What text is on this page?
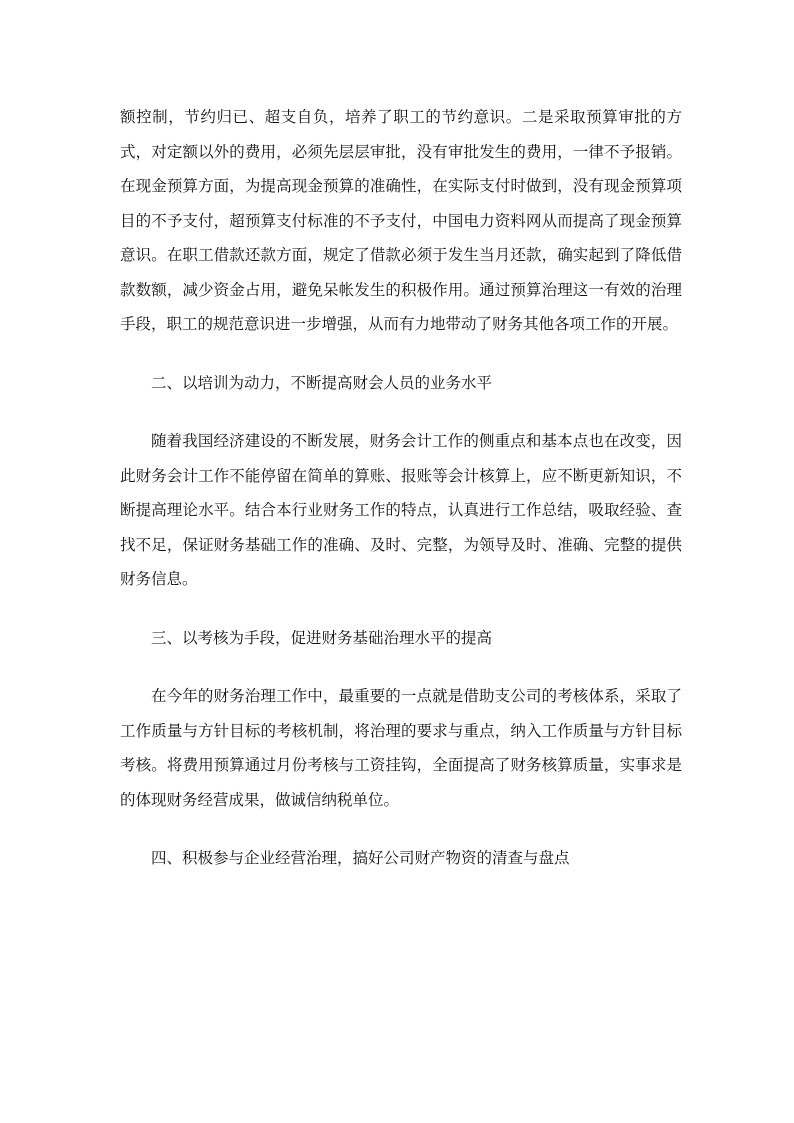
额控制，节约归已、超支自负，培养了职工的节约意识。二是采取预算审批的方式，对定额以外的费用，必须先层层审批，没有审批发生的费用，一律不予报销。在现金预算方面，为提高现金预算的准确性，在实际支付时做到，没有现金预算项目的不予支付，超预算支付标准的不予支付，中国电力资料网从而提高了现金预算意识。在职工借款还款方面，规定了借款必须于发生当月还款，确实起到了降低借款数额，减少资金占用，避免呆帐发生的积极作用。通过预算治理这一有效的治理手段，职工的规范意识进一步增强，从而有力地带动了财务其他各项工作的开展。

二、以培训为动力，不断提高财会人员的业务水平

随着我国经济建设的不断发展，财务会计工作的侧重点和基本点也在改变，因此财务会计工作不能停留在简单的算账、报账等会计核算上，应不断更新知识，不断提高理论水平。结合本行业财务工作的特点，认真进行工作总结，吸取经验、查找不足，保证财务基础工作的准确、及时、完整，为领导及时、准确、完整的提供财务信息。

三、以考核为手段，促进财务基础治理水平的提高

在今年的财务治理工作中，最重要的一点就是借助支公司的考核体系，采取了工作质量与方针目标的考核机制，将治理的要求与重点，纳入工作质量与方针目标考核。将费用预算通过月份考核与工资挂钩，全面提高了财务核算质量，实事求是的体现财务经营成果，做诚信纳税单位。

四、积极参与企业经营治理，搞好公司财产物资的清查与盘点
